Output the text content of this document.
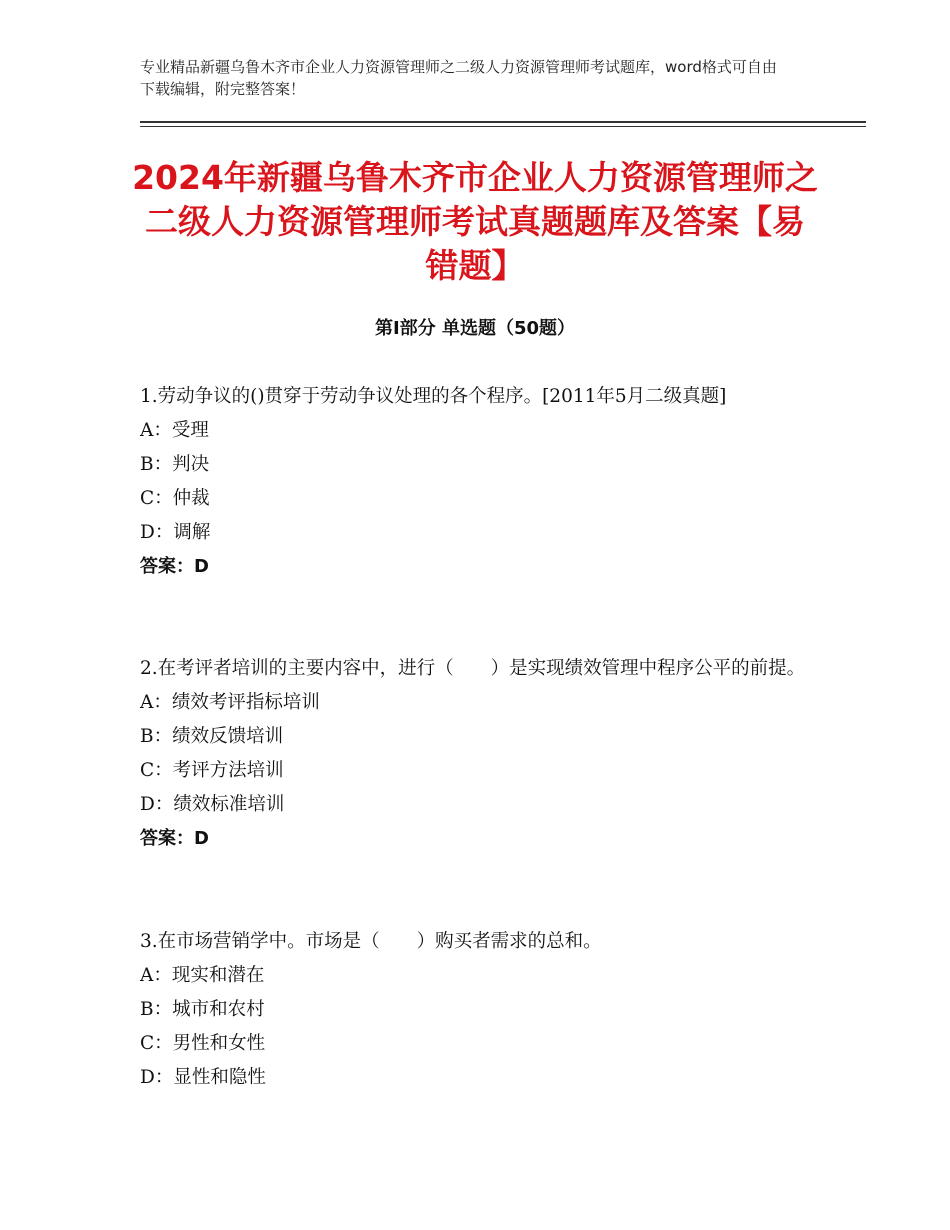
专业精品新疆乌鲁木齐市企业人力资源管理师之二级人力资源管理师考试题库，word格式可自由下载编辑，附完整答案！
2024年新疆乌鲁木齐市企业人力资源管理师之二级人力资源管理师考试真题题库及答案【易错题】
第Ⅰ部分 单选题（50题）

1.劳动争议的()贯穿于劳动争议处理的各个程序。[2011年5月二级真题]

A：受理

B：判决

C：仲裁

D：调解

答案：D

2.在考评者培训的主要内容中，进行（　　）是实现绩效管理中程序公平的前提。

A：绩效考评指标培训

B：绩效反馈培训

C：考评方法培训

D：绩效标准培训

答案：D

3.在市场营销学中。市场是（　　）购买者需求的总和。

A：现实和潜在

B：城市和农村

C：男性和女性

D：显性和隐性
